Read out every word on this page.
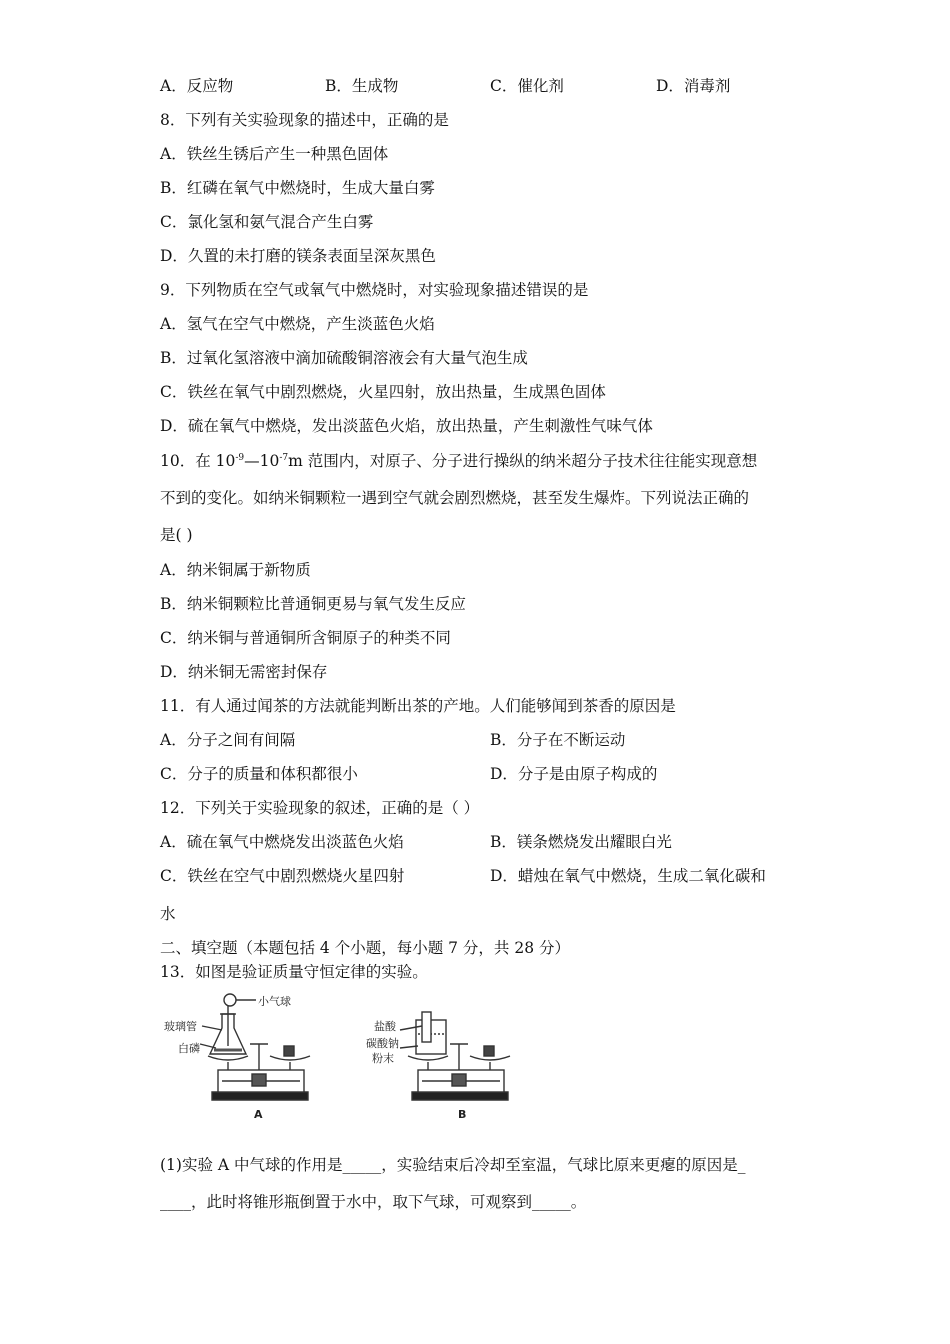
A．反应物	B．生成物	C．催化剂	D．消毒剂
8．下列有关实验现象的描述中，正确的是
A．铁丝生锈后产生一种黑色固体
B．红磷在氧气中燃烧时，生成大量白雾
C．氯化氢和氨气混合产生白雾
D．久置的未打磨的镁条表面呈深灰黑色
9．下列物质在空气或氧气中燃烧时，对实验现象描述错误的是
A．氢气在空气中燃烧，产生淡蓝色火焰
B．过氧化氢溶液中滴加硫酸铜溶液会有大量气泡生成
C．铁丝在氧气中剧烈燃烧，火星四射，放出热量，生成黑色固体
D．硫在氧气中燃烧，发出淡蓝色火焰，放出热量，产生刺激性气味气体
10．在 $10^{-9}—10^{-7}m$ 范围内，对原子、分子进行操纵的纳米超分子技术往往能实现意想
不到的变化。如纳米铜颗粒一遇到空气就会剧烈燃烧，甚至发生爆炸。下列说法正确的
是( )
A．纳米铜属于新物质
B．纳米铜颗粒比普通铜更易与氧气发生反应
C．纳米铜与普通铜所含铜原子的种类不同
D．纳米铜无需密封保存
11．有人通过闻茶的方法就能判断出茶的产地。人们能够闻到茶香的原因是
A．分子之间有间隔	B．分子在不断运动
C．分子的质量和体积都很小	D．分子是由原子构成的
12．下列关于实验现象的叙述，正确的是（ ）
A．硫在氧气中燃烧发出淡蓝色火焰	B．镁条燃烧发出耀眼白光
C．铁丝在空气中剧烈燃烧火星四射	D．蜡烛在氧气中燃烧，生成二氧化碳和
水
二、填空题（本题包括 4 个小题，每小题 7 分，共 28 分）
13．如图是验证质量守恒定律的实验。
玻璃管
白磷
小气球
盐酸
碳酸钠
粉末
A	B
(1)实验 A 中气球的作用是_____，实验结束后冷却至室温，气球比原来更瘪的原因是_
____，此时将锥形瓶倒置于水中，取下气球，可观察到_____。
